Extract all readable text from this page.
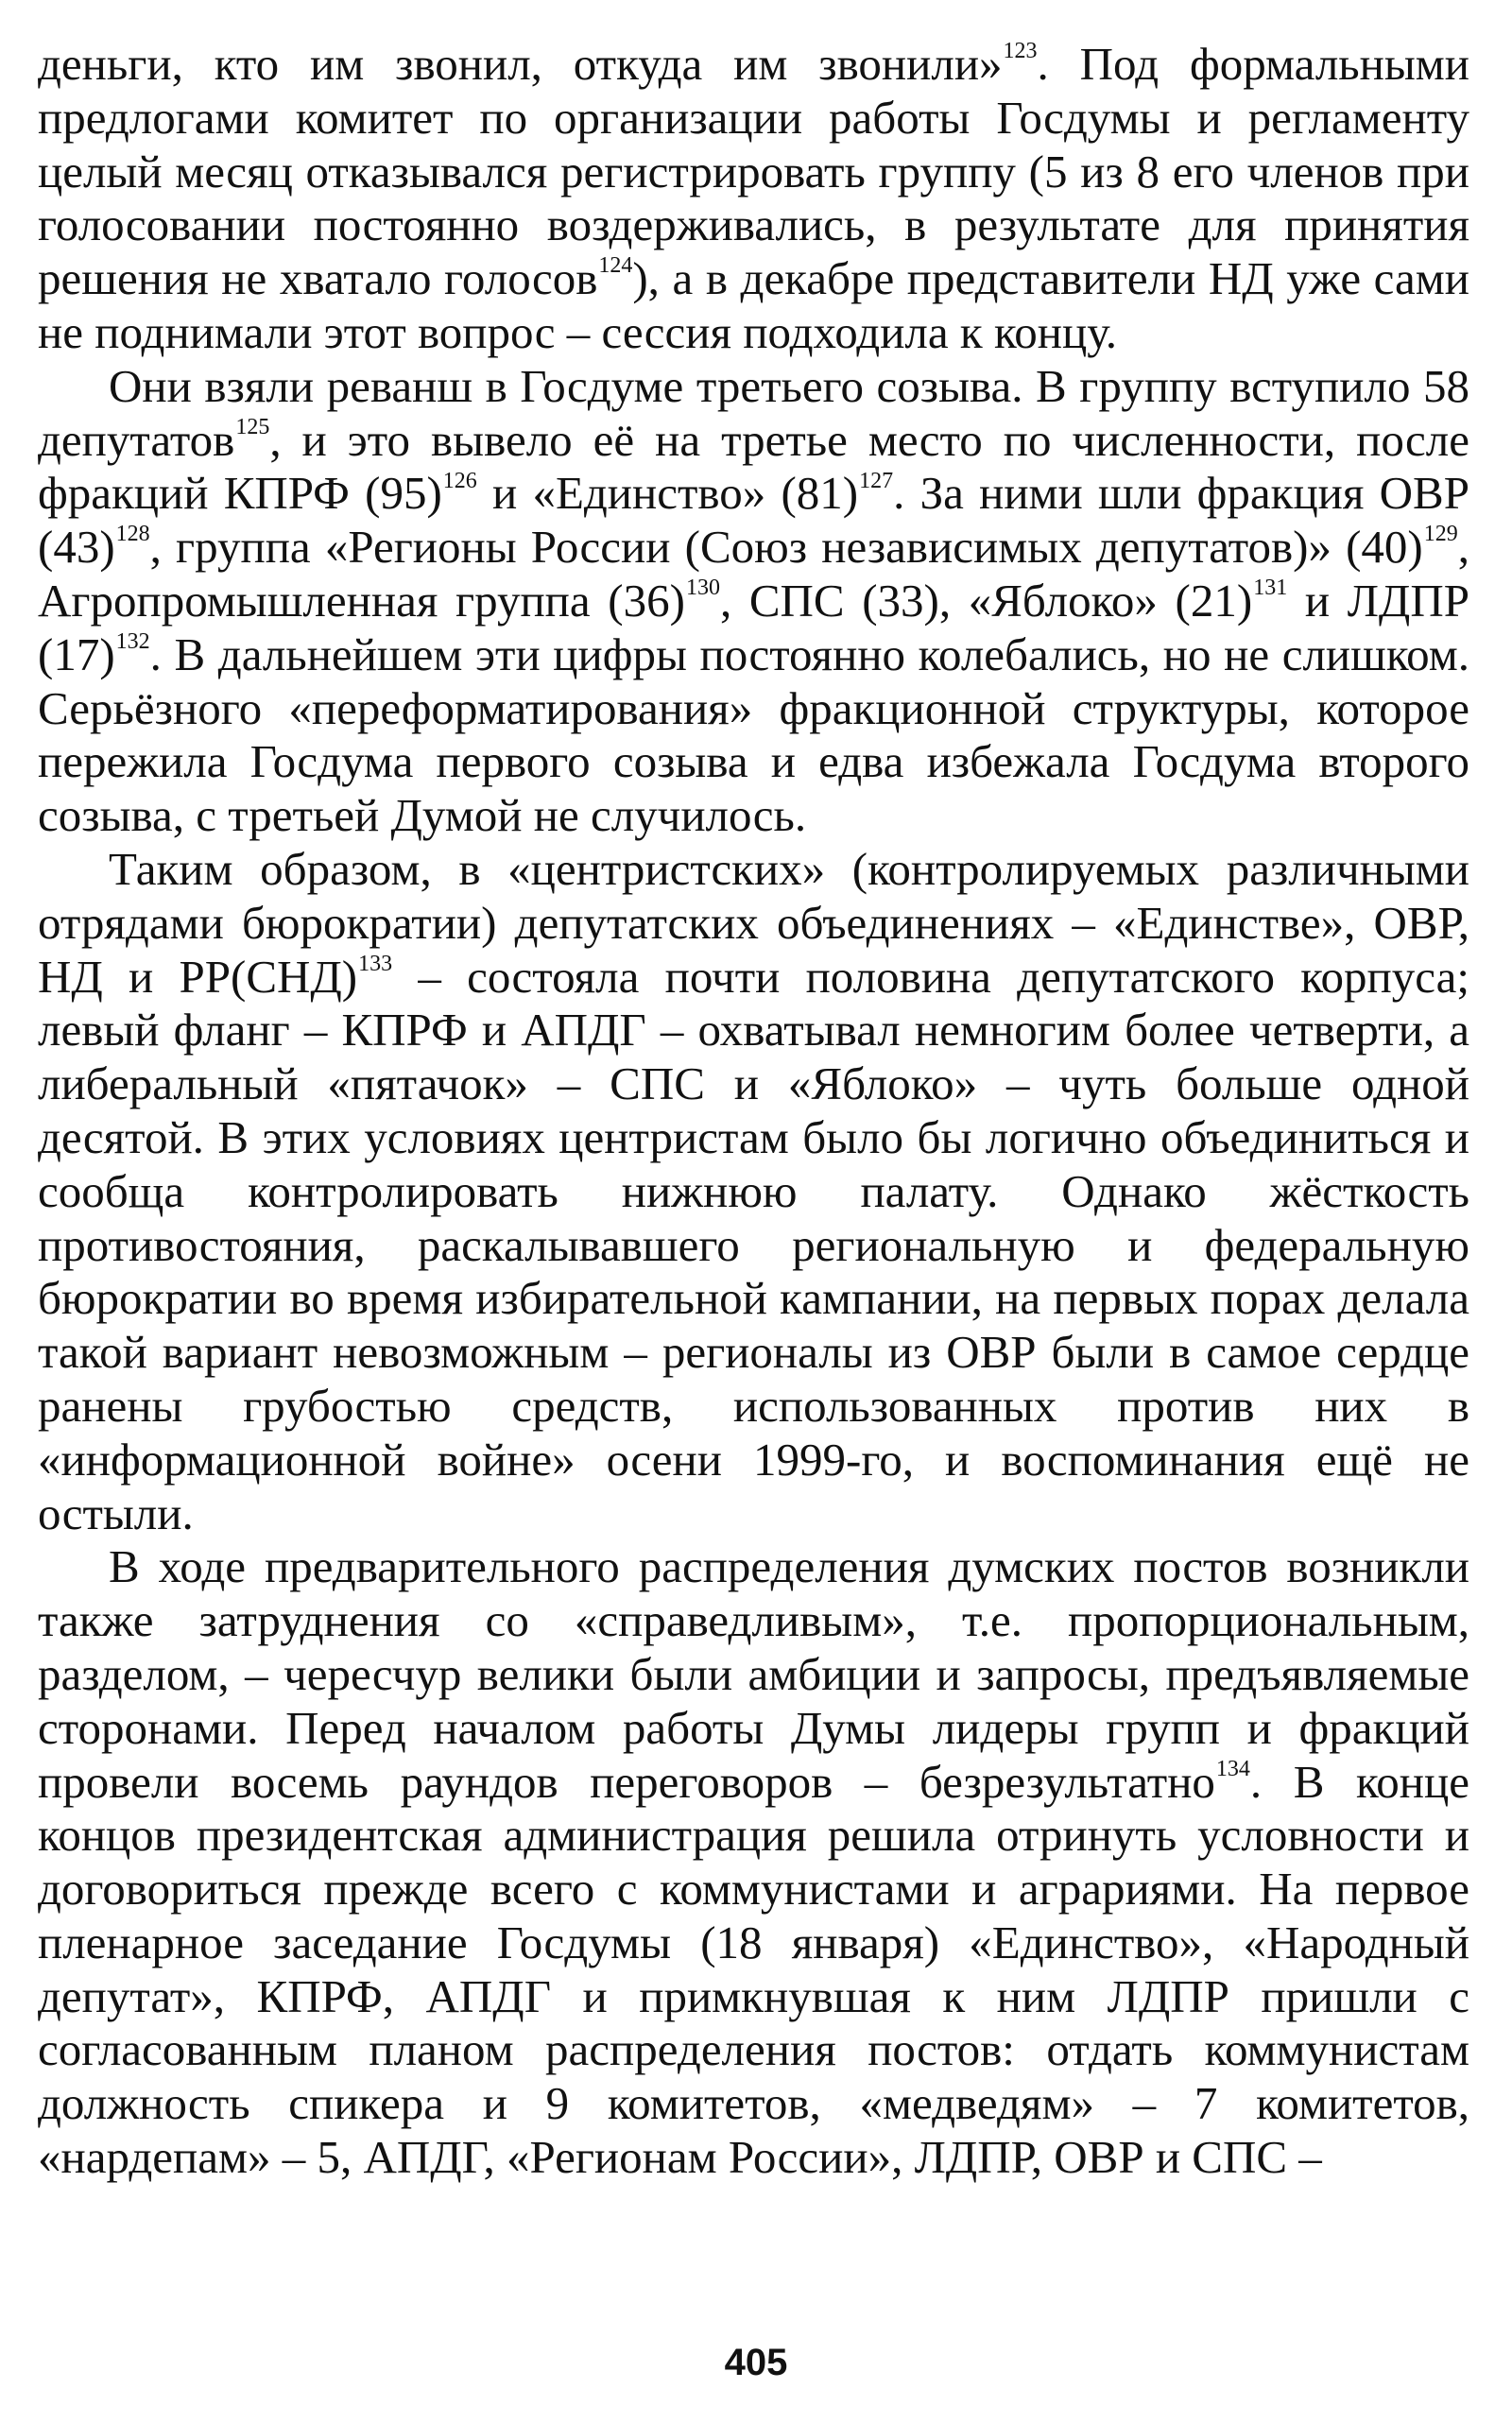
деньги, кто им звонил, откуда им звонили»$^{123}$. Под формальными предлогами комитет по организации работы Госдумы и регламенту целый месяц отказывался регистрировать группу (5 из 8 его членов при голосовании постоянно воздерживались, в результате для принятия решения не хватало голосов$^{124}$), а в декабре представители НД уже сами не поднимали этот вопрос – сессия подходила к концу.

Они взяли реванш в Госдуме третьего созыва. В группу вступило 58 депутатов$^{125}$, и это вывело её на третье место по численности, после фракций КПРФ $(95)^{126}$ и «Единство» $(81)^{127}$. За ними шли фракция ОВР $(43)^{128}$, группа «Регионы России (Союз независимых депутатов)» $(40)^{129}$, Агропромышленная группа $(36)^{130}$, СПС (33), «Яблоко» $(21)^{131}$ и ЛДПР $(17)^{132}$. В дальнейшем эти цифры постоянно колебались, но не слишком. Серьёзного «переформатирования» фракционной структуры, которое пережила Госдума первого созыва и едва избежала Госдума второго созыва, с третьей Думой не случилось.

Таким образом, в «центристских» (контролируемых различными отрядами бюрократии) депутатских объединениях – «Единстве», ОВР, НД и РР(СНД)$^{133}$ – состояла почти половина депутатского корпуса; левый фланг – КПРФ и АПДГ – охватывал немногим более четверти, а либеральный «пятачок» – СПС и «Яблоко» – чуть больше одной десятой. В этих условиях центристам было бы логично объединиться и сообща контролировать нижнюю палату. Однако жёсткость противостояния, раскалывавшего региональную и федеральную бюрократии во время избирательной кампании, на первых порах делала такой вариант невозможным – регионалы из ОВР были в самое сердце ранены грубостью средств, использованных против них в «информационной войне» осени 1999-го, и воспоминания ещё не остыли.

В ходе предварительного распределения думских постов возникли также затруднения со «справедливым», т.е. пропорциональным, разделом, – чересчур велики были амбиции и запросы, предъявляемые сторонами. Перед началом работы Думы лидеры групп и фракций провели восемь раундов переговоров – безрезультатно$^{134}$. В конце концов президентская администрация решила отринуть условности и договориться прежде всего с коммунистами и аграриями. На первое пленарное заседание Госдумы (18 января) «Единство», «Народный депутат», КПРФ, АПДГ и примкнувшая к ним ЛДПР пришли с согласованным планом распределения постов: отдать коммунистам должность спикера и 9 комитетов, «медведям» – 7 комитетов, «нардепам» – 5, АПДГ, «Регионам России», ЛДПР, ОВР и СПС –

405
